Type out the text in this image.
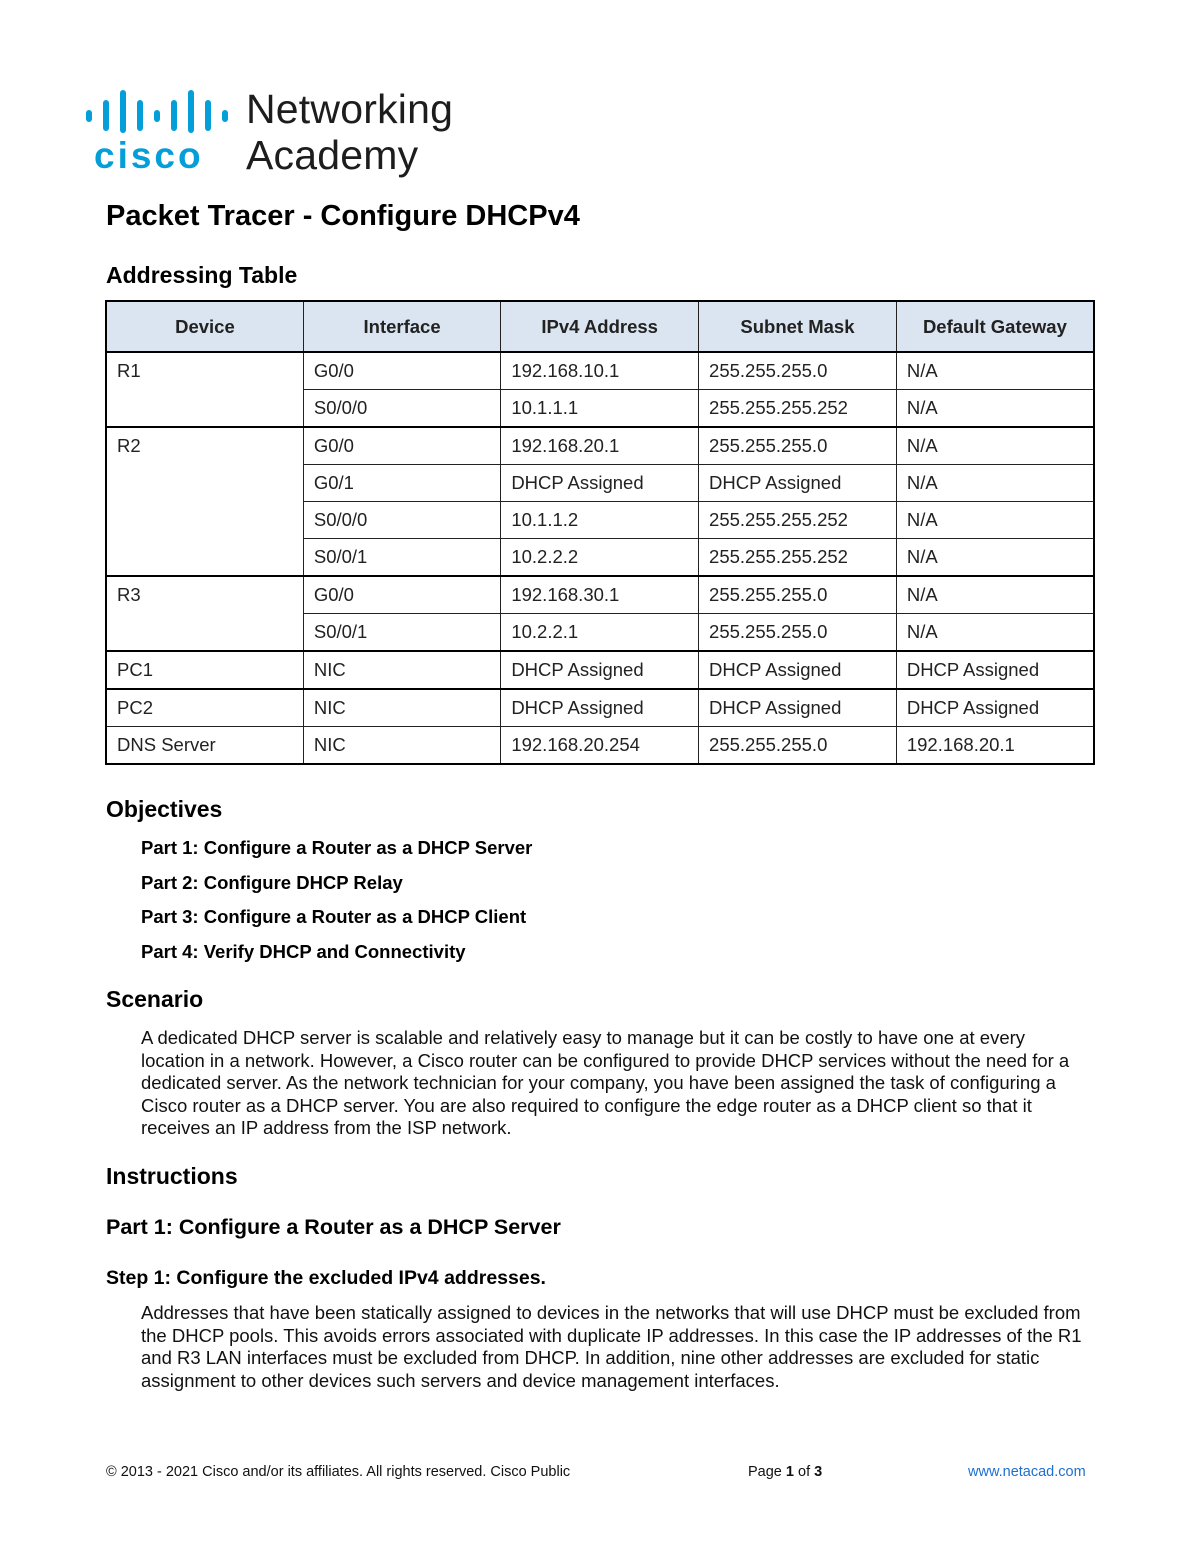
cisco
Networking
Academy
Packet Tracer - Configure DHCPv4
Addressing Table
Device	Interface	IPv4 Address	Subnet Mask	Default Gateway
R1	G0/0	192.168.10.1	255.255.255.0	N/A
	S0/0/0	10.1.1.1	255.255.255.252	N/A
R2	G0/0	192.168.20.1	255.255.255.0	N/A
	G0/1	DHCP Assigned	DHCP Assigned	N/A
	S0/0/0	10.1.1.2	255.255.255.252	N/A
	S0/0/1	10.2.2.2	255.255.255.252	N/A
R3	G0/0	192.168.30.1	255.255.255.0	N/A
	S0/0/1	10.2.2.1	255.255.255.0	N/A
PC1	NIC	DHCP Assigned	DHCP Assigned	DHCP Assigned
PC2	NIC	DHCP Assigned	DHCP Assigned	DHCP Assigned
DNS Server	NIC	192.168.20.254	255.255.255.0	192.168.20.1
Objectives
Part 1: Configure a Router as a DHCP Server
Part 2: Configure DHCP Relay
Part 3: Configure a Router as a DHCP Client
Part 4: Verify DHCP and Connectivity
Scenario

A dedicated DHCP server is scalable and relatively easy to manage but it can be costly to have one at every location in a network. However, a Cisco router can be configured to provide DHCP services without the need for a dedicated server. As the network technician for your company, you have been assigned the task of configuring a Cisco router as a DHCP server. You are also required to configure the edge router as a DHCP client so that it receives an IP address from the ISP network.

Instructions
Part 1: Configure a Router as a DHCP Server
Step 1: Configure the excluded IPv4 addresses.

Addresses that have been statically assigned to devices in the networks that will use DHCP must be excluded from the DHCP pools. This avoids errors associated with duplicate IP addresses. In this case the IP addresses of the R1 and R3 LAN interfaces must be excluded from DHCP. In addition, nine other addresses are excluded for static assignment to other devices such servers and device management interfaces.

© 2013 - 2021 Cisco and/or its affiliates. All rights reserved. Cisco Public	Page 1 of 3	www.netacad.com
